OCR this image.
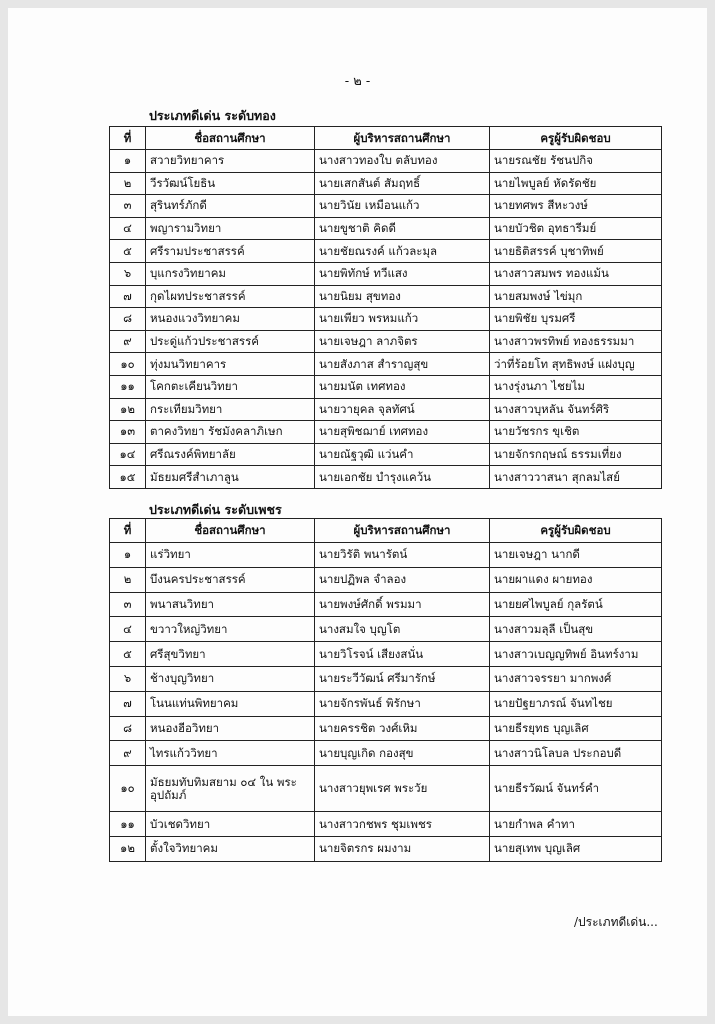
- ๒ -
ประเภทดีเด่น ระดับทอง
ที่	ชื่อสถานศึกษา	ผู้บริหารสถานศึกษา	ครูผู้รับผิดชอบ
๑	สวายวิทยาคาร	นางสาวทองใบ ตลับทอง	นายรณชัย รัชนปกิจ
๒	วีรวัฒน์โยธิน	นายเสกสันต์ สัมฤทธิ์	นายไพบูลย์ หัดรัดชัย
๓	สุรินทร์ภักดี	นายวินัย เหมือนแก้ว	นายทศพร สีหะวงษ์
๔	พญารามวิทยา	นายขูชาติ คิดดี	นายบัวชิต อุทธารีมย์
๕	ศรีรามประชาสรรค์	นายชัยณรงค์ แก้วละมุล	นายธิติสรรค์ บุชาทิพย์
๖	บุแกรงวิทยาคม	นายพิทักษ์ ทวีแสง	นางสาวสมพร ทองแม้น
๗	กุดไผทประชาสรรค์	นายนิยม สุขทอง	นายสมพงษ์ ไข่มุก
๘	หนองแวงวิทยาคม	นายเพียว พรหมแก้ว	นายพิชัย บุรมศรี
๙	ประดู่แก้วประชาสรรค์	นายเจษฎา ลาภจิตร	นางสาวพรทิพย์ ทองธรรมมา
๑๐	ทุ่งมนวิทยาคาร	นายสังภาส สำราญสุข	ว่าที่ร้อยโท สุทธิพงษ์ แฝงบุญ
๑๑	โคกตะเคียนวิทยา	นายมนัต เทศทอง	นางรุ่งนภา ไชยไม
๑๒	กระเทียมวิทยา	นายวายุคล จุลทัศน์	นางสาวบุหลัน จันทร์ศิริ
๑๓	ตาคงวิทยา รัชมังคลาภิเษก	นายสุพิชฌาย์ เทศทอง	นายวัชรกร ขุเชิต
๑๔	ศรีณรงค์พิทยาลัย	นายณัฐวุฒิ แว่นคำ	นายจักรกฤษณ์ ธรรมเที่ยง
๑๕	มัธยมศรีสำเภาลูน	นายเอกชัย บำรุงแคว้น	นางสาววาสนา สุกลมไสย์
ประเภทดีเด่น ระดับเพชร
ที่	ชื่อสถานศึกษา	ผู้บริหารสถานศึกษา	ครูผู้รับผิดชอบ
๑	แร่วิทยา	นายวิรัติ พนารัตน์	นายเจษฎา นากดี
๒	บึงนครประชาสรรค์	นายปฏิพล จำลอง	นายผาแดง ผายทอง
๓	พนาสนวิทยา	นายพงษ์ศักดิ์ พรมมา	นายยศไพบูลย์ กุลรัตน์
๔	ขวาวใหญ่วิทยา	นางสมใจ บุญโต	นางสาวมลุลี เป็นสุข
๕	ศรีสุขวิทยา	นายวิโรจน์ เสียงสนั่น	นางสาวเบญญทิพย์ อินทร์งาม
๖	ช้างบุญวิทยา	นายระวีวัฒน์ ศรีมารักษ์	นางสาวจรรยา มากพงศ์
๗	โนนแท่นพิทยาคม	นายจักรพันธ์ พิรักษา	นายปัฐยาภรณ์ จันทไชย
๘	หนองฮีอวิทยา	นายครรชิต วงศ์เหิม	นายธีรยุทธ บุญเลิศ
๙	ไทรแก้ววิทยา	นายบุญเกิด กองสุข	นางสาวนิโลบล ประกอบดี
๑๐	มัธยมทับทิมสยาม ๐๔ ใน พระอุปถัมภ์	นางสาวยุพเรศ พระวัย	นายธีรวัฒน์ จันทร์คำ
๑๑	บัวเชดวิทยา	นางสาวกชพร ชุมเพชร	นายกำพล คำทา
๑๒	ตั้งใจวิทยาคม	นายจิตรกร ผมงาม	นายสุเทพ บุญเลิศ
/ประเภทดีเด่น...
